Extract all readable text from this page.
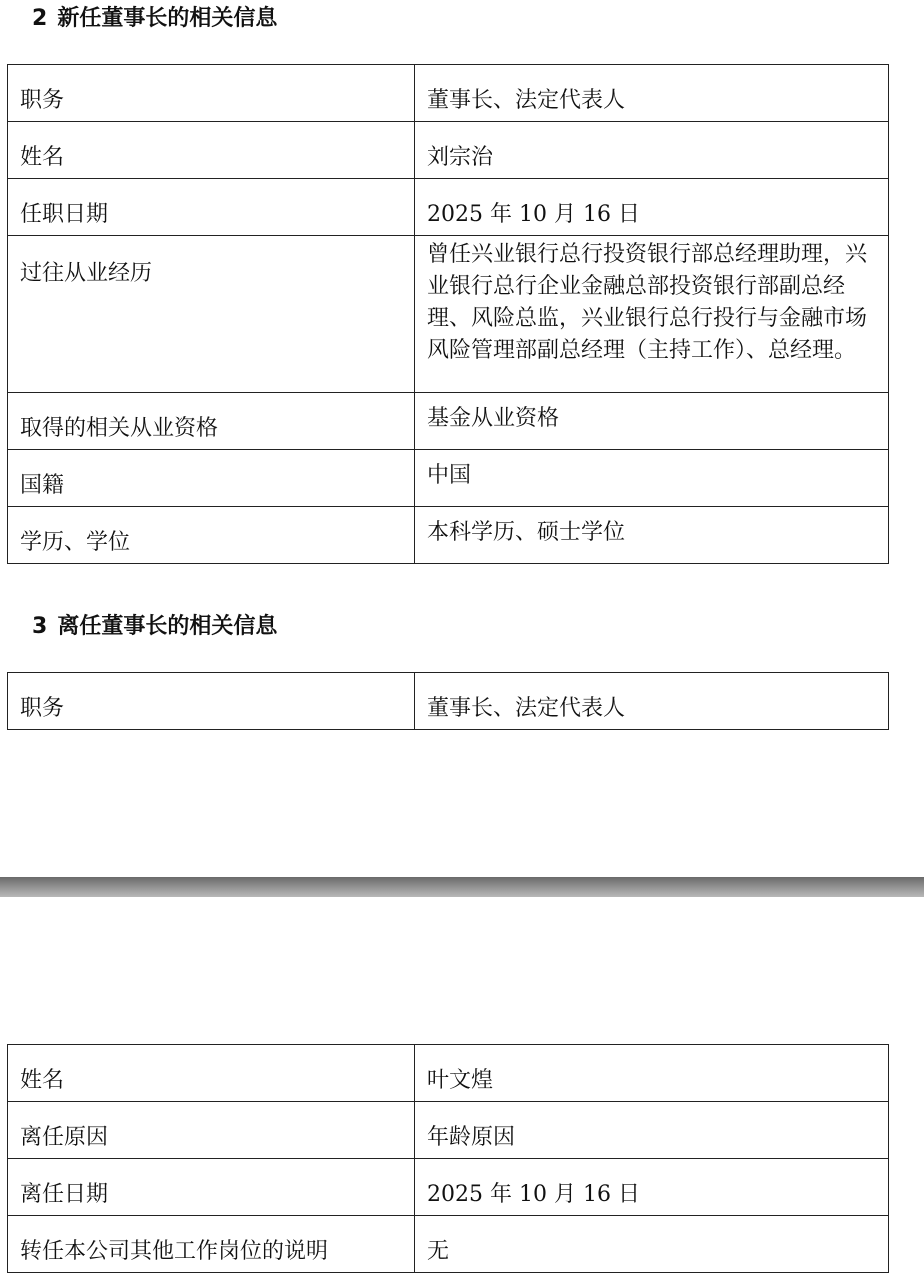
2 新任董事长的相关信息
职务	董事长、法定代表人
姓名	刘宗治
任职日期	2025 年 10 月 16 日
过往从业经历	曾任兴业银行总行投资银行部总经理助理，兴业银行总行企业金融总部投资银行部副总经理、风险总监，兴业银行总行投行与金融市场风险管理部副总经理（主持工作）、总经理。
取得的相关从业资格	基金从业资格
国籍	中国
学历、学位	本科学历、硕士学位
3 离任董事长的相关信息
职务	董事长、法定代表人
姓名	叶文煌
离任原因	年龄原因
离任日期	2025 年 10 月 16 日
转任本公司其他工作岗位的说明	无
